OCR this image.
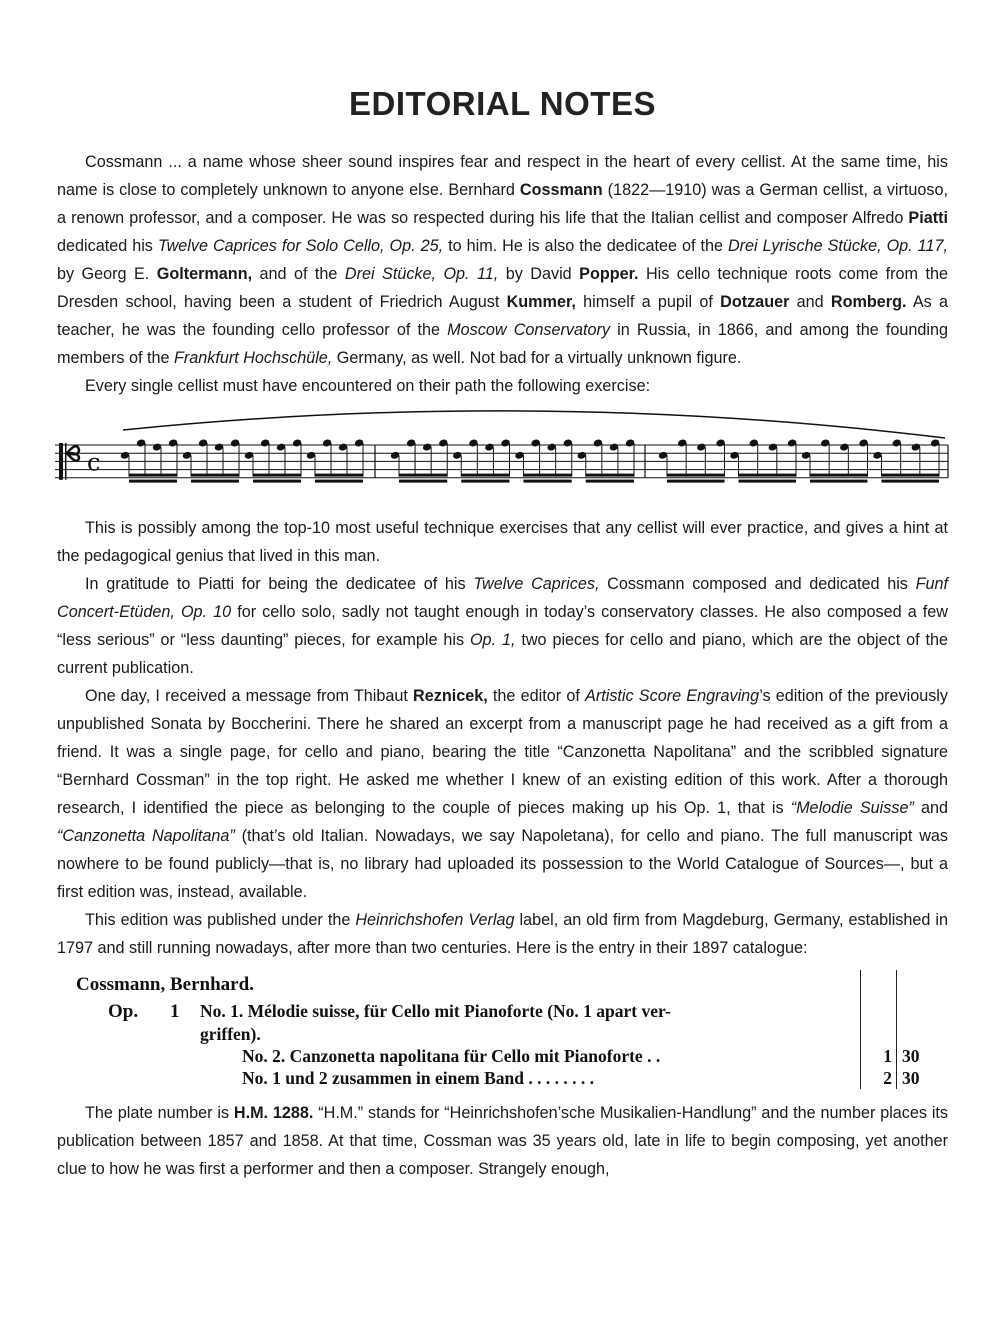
EDITORIAL NOTES

Cossmann ... a name whose sheer sound inspires fear and respect in the heart of every cellist. At the same time, his name is close to completely unknown to anyone else. Bernhard Cossmann (1822—1910) was a German cellist, a virtuoso, a renown professor, and a composer. He was so respected during his life that the Italian cellist and composer Alfredo Piatti dedicated his Twelve Caprices for Solo Cello, Op. 25, to him. He is also the dedicatee of the Drei Lyrische Stücke, Op. 117, by Georg E. Goltermann, and of the Drei Stücke, Op. 11, by David Popper. His cello technique roots come from the Dresden school, having been a student of Friedrich August Kummer, himself a pupil of Dotzauer and Romberg. As a teacher, he was the founding cello professor of the Moscow Conservatory in Russia, in 1866, and among the founding members of the Frankfurt Hochschüle, Germany, as well. Not bad for a virtually unknown figure.

Every single cellist must have encountered on their path the following exercise:

c

This is possibly among the top-10 most useful technique exercises that any cellist will ever practice, and gives a hint at the pedagogical genius that lived in this man.

In gratitude to Piatti for being the dedicatee of his Twelve Caprices, Cossmann composed and dedicated his Funf Concert-Etüden, Op. 10 for cello solo, sadly not taught enough in today’s conservatory classes. He also composed a few “less serious” or “less daunting” pieces, for example his Op. 1, two pieces for cello and piano, which are the object of the current publication.

One day, I received a message from Thibaut Reznicek, the editor of Artistic Score Engraving’s edition of the previously unpublished Sonata by Boccherini. There he shared an excerpt from a manuscript page he had received as a gift from a friend. It was a single page, for cello and piano, bearing the title “Canzonetta Napolitana” and the scribbled signature “Bernhard Cossman” in the top right. He asked me whether I knew of an existing edition of this work. After a thorough research, I identified the piece as belonging to the couple of pieces making up his Op. 1, that is “Melodie Suisse” and “Canzonetta Napolitana” (that’s old Italian. Nowadays, we say Napoletana), for cello and piano. The full manuscript was nowhere to be found publicly—that is, no library had uploaded its possession to the World Catalogue of Sources—, but a first edition was, instead, available.

This edition was published under the Heinrichshofen Verlag label, an old firm from Magdeburg, Germany, established in 1797 and still running nowadays, after more than two centuries. Here is the entry in their 1897 catalogue:

Cossmann, Bernhard.
Op. 1 No. 1. Mélodie suisse, für Cello mit Pianoforte (No. 1 apart ver-
griffen).
No. 2. Canzonetta napolitana für Cello mit Pianoforte . .	1 30
No. 1 und 2 zusammen in einem Band . . . . . . . .	2 30

The plate number is H.M. 1288. “H.M.” stands for “Heinrichshofen’sche Musikalien-Handlung” and the number places its publication between 1857 and 1858. At that time, Cossman was 35 years old, late in life to begin composing, yet another clue to how he was first a performer and then a composer. Strangely enough,
